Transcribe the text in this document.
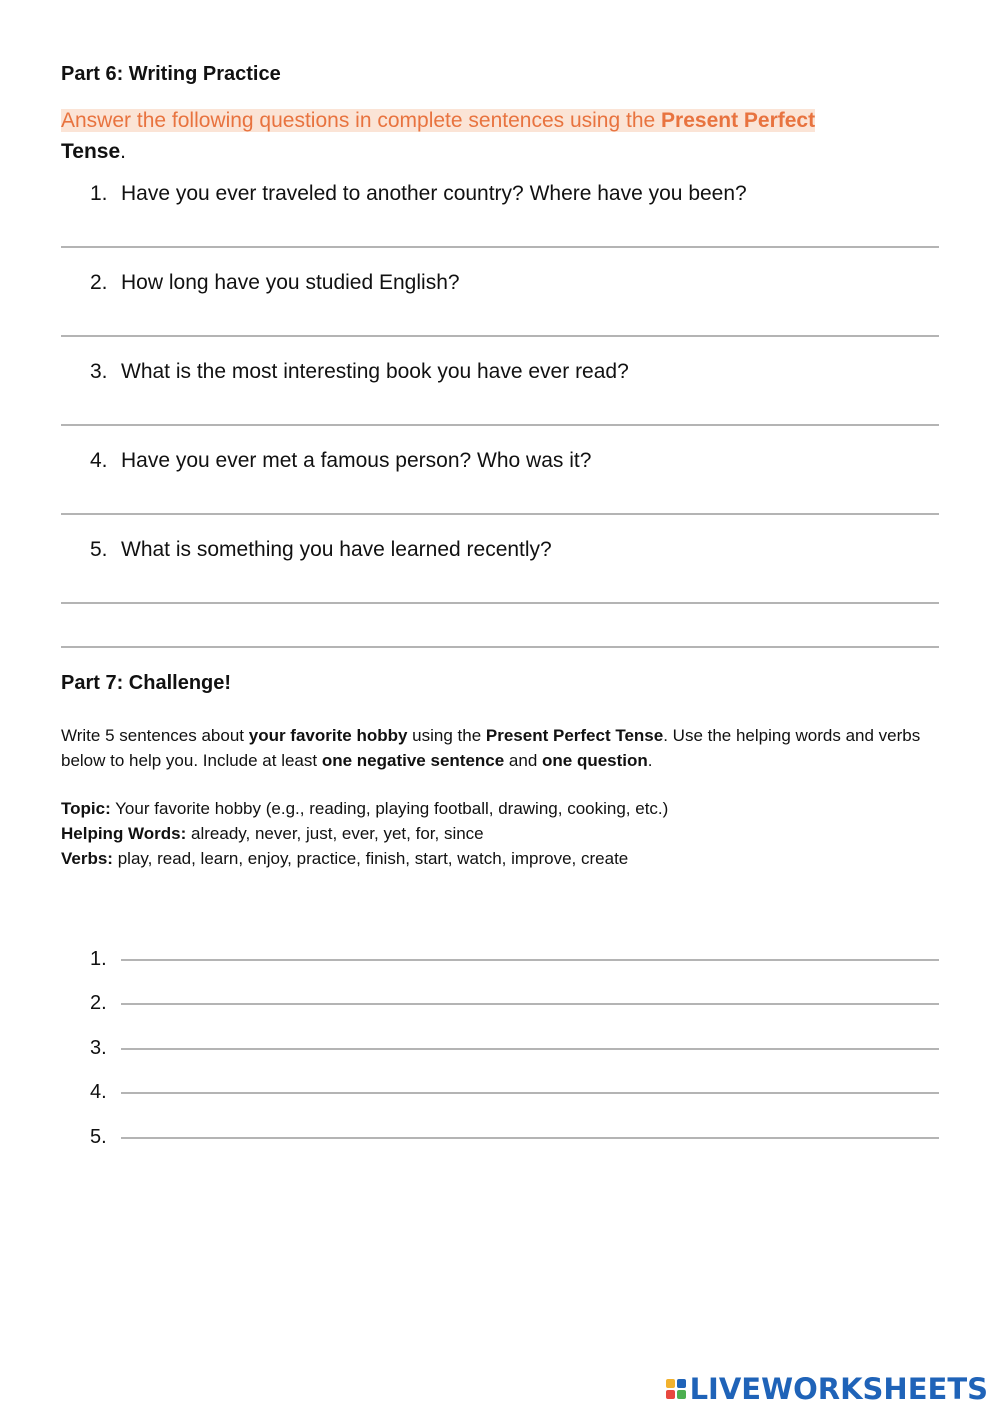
Part 6: Writing Practice
Answer the following questions in complete sentences using the Present Perfect
Tense.
1. Have you ever traveled to another country? Where have you been?
2. How long have you studied English?
3. What is the most interesting book you have ever read?
4. Have you ever met a famous person? Who was it?
5. What is something you have learned recently?
Part 7: Challenge!
Write 5 sentences about your favorite hobby using the Present Perfect Tense. Use the helping words and verbs below to help you. Include at least one negative sentence and one question.
Topic: Your favorite hobby (e.g., reading, playing football, drawing, cooking, etc.)
Helping Words: already, never, just, ever, yet, for, since
Verbs: play, read, learn, enjoy, practice, finish, start, watch, improve, create
1.
2.
3.
4.
5.
LIVEWORKSHEETS
